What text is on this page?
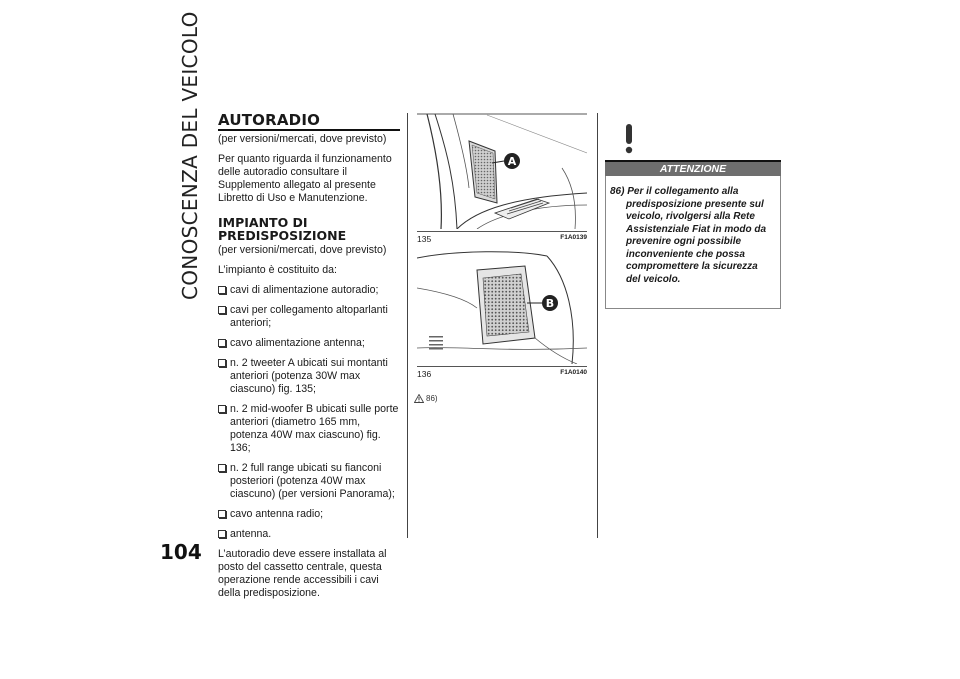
CONOSCENZA DEL VEICOLO
104
AUTORADIO

(per versioni/mercati, dove previsto)

Per quanto riguarda il funzionamento delle autoradio consultare il Supplemento allegato al presente Libretto di Uso e Manutenzione.

IMPIANTO DI
PREDISPOSIZIONE

(per versioni/mercati, dove previsto)

L’impianto è costituito da:

cavi di alimentazione autoradio;
cavi per collegamento altoparlanti anteriori;
cavo alimentazione antenna;
n. 2 tweeter A ubicati sui montanti anteriori (potenza 30W max ciascuno) fig. 135;
n. 2 mid-woofer B ubicati sulle porte anteriori (diametro 165 mm, potenza 40W max ciascuno) fig. 136;
n. 2 full range ubicati su fianconi posteriori (potenza 40W max ciascuno) (per versioni Panorama);
cavo antenna radio;
antenna.

L’autoradio deve essere installata al posto del cassetto centrale, questa operazione rende accessibili i cavi della predisposizione.

A
135	F1A0139
B
136	F1A0140
86)
ATTENZIONE
86) Per il collegamento alla predisposizione presente sul veicolo, rivolgersi alla Rete Assistenziale Fiat in modo da prevenire ogni possibile inconveniente che possa compromettere la sicurezza del veicolo.
